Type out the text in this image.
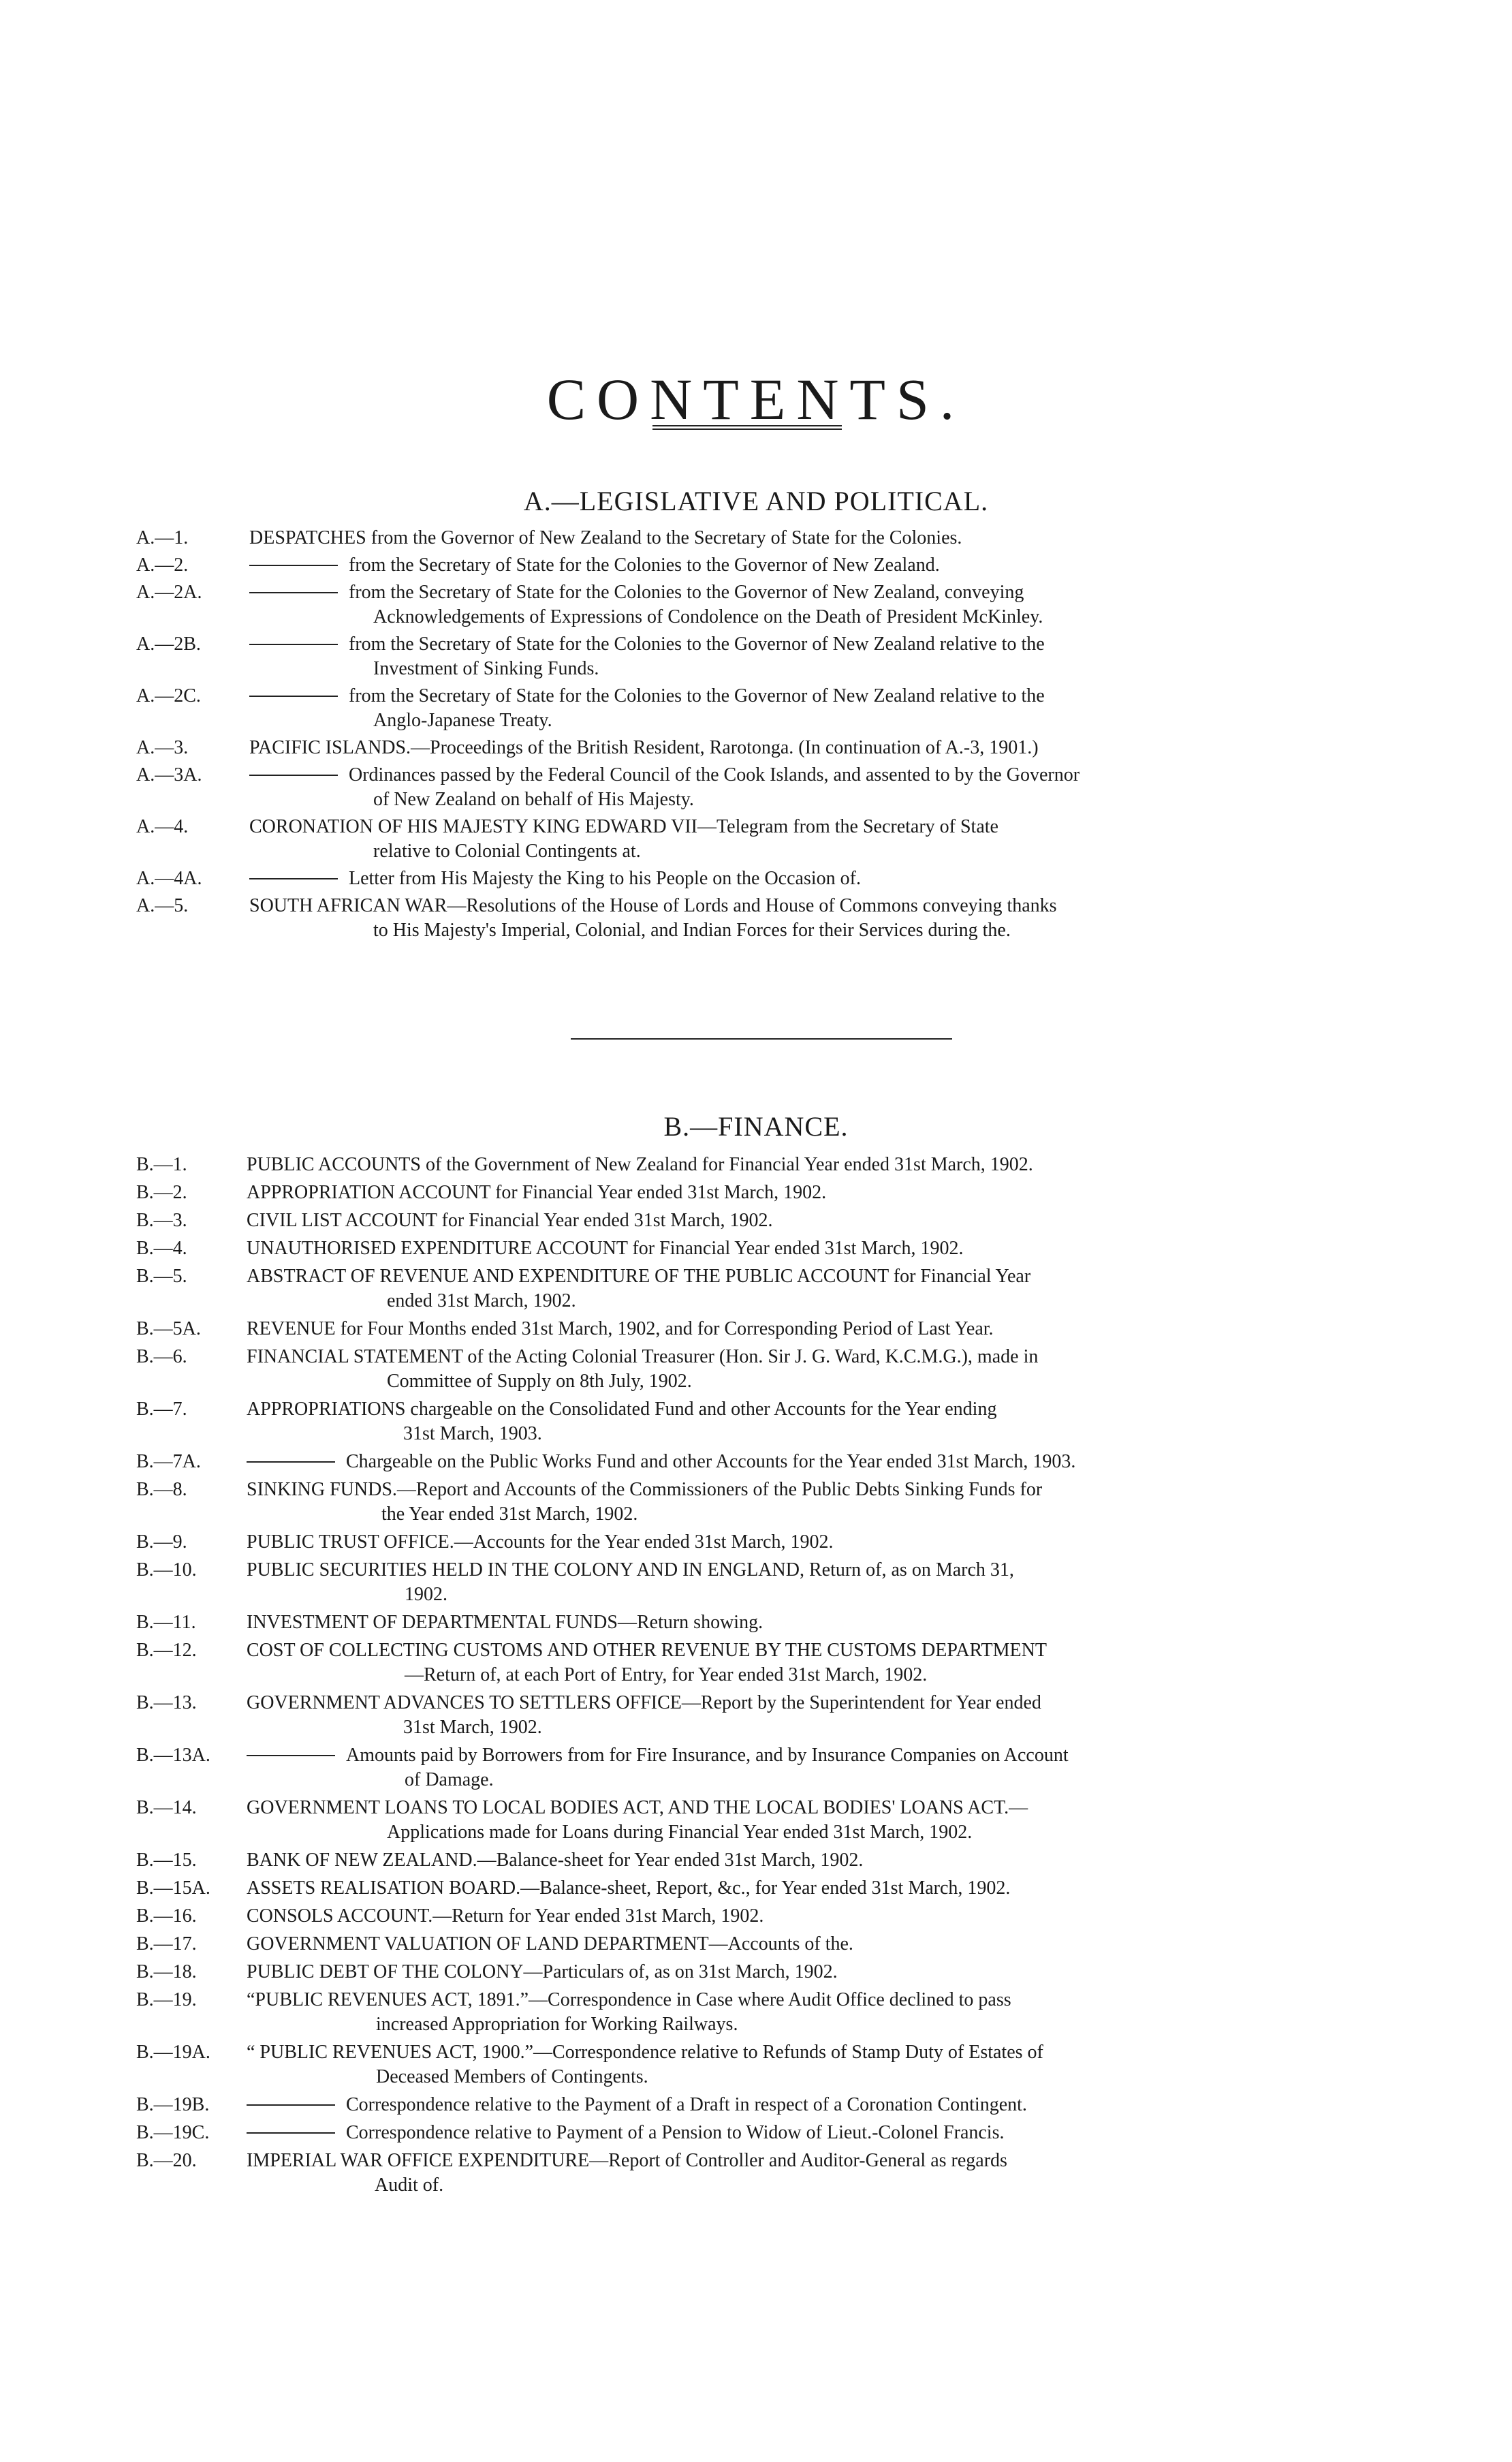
CONTENTS.
A.—LEGISLATIVE AND POLITICAL.
A.—1.	DESPATCHES from the Governor of New Zealand to the Secretary of State for the Colonies.
A.—2.	from the Secretary of State for the Colonies to the Governor of New Zealand.
A.—2A.	from the Secretary of State for the Colonies to the Governor of New Zealand, conveying
Acknowledgements of Expressions of Condolence on the Death of President McKinley.
A.—2B.	from the Secretary of State for the Colonies to the Governor of New Zealand relative to the
Investment of Sinking Funds.
A.—2C.	from the Secretary of State for the Colonies to the Governor of New Zealand relative to the
Anglo-Japanese Treaty.
A.—3.	PACIFIC ISLANDS.—Proceedings of the British Resident, Rarotonga. (In continuation of A.-3, 1901.)
A.—3A.	Ordinances passed by the Federal Council of the Cook Islands, and assented to by the Governor
of New Zealand on behalf of His Majesty.
A.—4.	CORONATION OF HIS MAJESTY KING EDWARD VII—Telegram from the Secretary of State
relative to Colonial Contingents at.
A.—4A.	Letter from His Majesty the King to his People on the Occasion of.
A.—5.	SOUTH AFRICAN WAR—Resolutions of the House of Lords and House of Commons conveying thanks
to His Majesty's Imperial, Colonial, and Indian Forces for their Services during the.
B.—FINANCE.
B.—1.	PUBLIC ACCOUNTS of the Government of New Zealand for Financial Year ended 31st March, 1902.
B.—2.	APPROPRIATION ACCOUNT for Financial Year ended 31st March, 1902.
B.—3.	CIVIL LIST ACCOUNT for Financial Year ended 31st March, 1902.
B.—4.	UNAUTHORISED EXPENDITURE ACCOUNT for Financial Year ended 31st March, 1902.
B.—5.	ABSTRACT OF REVENUE AND EXPENDITURE OF THE PUBLIC ACCOUNT for Financial Year
ended 31st March, 1902.
B.—5A.	REVENUE for Four Months ended 31st March, 1902, and for Corresponding Period of Last Year.
B.—6.	FINANCIAL STATEMENT of the Acting Colonial Treasurer (Hon. Sir J. G. Ward, K.C.M.G.), made in
Committee of Supply on 8th July, 1902.
B.—7.	APPROPRIATIONS chargeable on the Consolidated Fund and other Accounts for the Year ending
31st March, 1903.
B.—7A.	Chargeable on the Public Works Fund and other Accounts for the Year ended 31st March, 1903.
B.—8.	SINKING FUNDS.—Report and Accounts of the Commissioners of the Public Debts Sinking Funds for
the Year ended 31st March, 1902.
B.—9.	PUBLIC TRUST OFFICE.—Accounts for the Year ended 31st March, 1902.
B.—10.	PUBLIC SECURITIES HELD IN THE COLONY AND IN ENGLAND, Return of, as on March 31,
1902.
B.—11.	INVESTMENT OF DEPARTMENTAL FUNDS—Return showing.
B.—12.	COST OF COLLECTING CUSTOMS AND OTHER REVENUE BY THE CUSTOMS DEPARTMENT
—Return of, at each Port of Entry, for Year ended 31st March, 1902.
B.—13.	GOVERNMENT ADVANCES TO SETTLERS OFFICE—Report by the Superintendent for Year ended
31st March, 1902.
B.—13A.	Amounts paid by Borrowers from for Fire Insurance, and by Insurance Companies on Account
of Damage.
B.—14.	GOVERNMENT LOANS TO LOCAL BODIES ACT, AND THE LOCAL BODIES' LOANS ACT.—
Applications made for Loans during Financial Year ended 31st March, 1902.
B.—15.	BANK OF NEW ZEALAND.—Balance-sheet for Year ended 31st March, 1902.
B.—15A.	ASSETS REALISATION BOARD.—Balance-sheet, Report, &c., for Year ended 31st March, 1902.
B.—16.	CONSOLS ACCOUNT.—Return for Year ended 31st March, 1902.
B.—17.	GOVERNMENT VALUATION OF LAND DEPARTMENT—Accounts of the.
B.—18.	PUBLIC DEBT OF THE COLONY—Particulars of, as on 31st March, 1902.
B.—19.	“PUBLIC REVENUES ACT, 1891.”—Correspondence in Case where Audit Office declined to pass
increased Appropriation for Working Railways.
B.—19A.	“ PUBLIC REVENUES ACT, 1900.”—Correspondence relative to Refunds of Stamp Duty of Estates of
Deceased Members of Contingents.
B.—19B.	Correspondence relative to the Payment of a Draft in respect of a Coronation Contingent.
B.—19C.	Correspondence relative to Payment of a Pension to Widow of Lieut.-Colonel Francis.
B.—20.	IMPERIAL WAR OFFICE EXPENDITURE—Report of Controller and Auditor-General as regards
Audit of.
